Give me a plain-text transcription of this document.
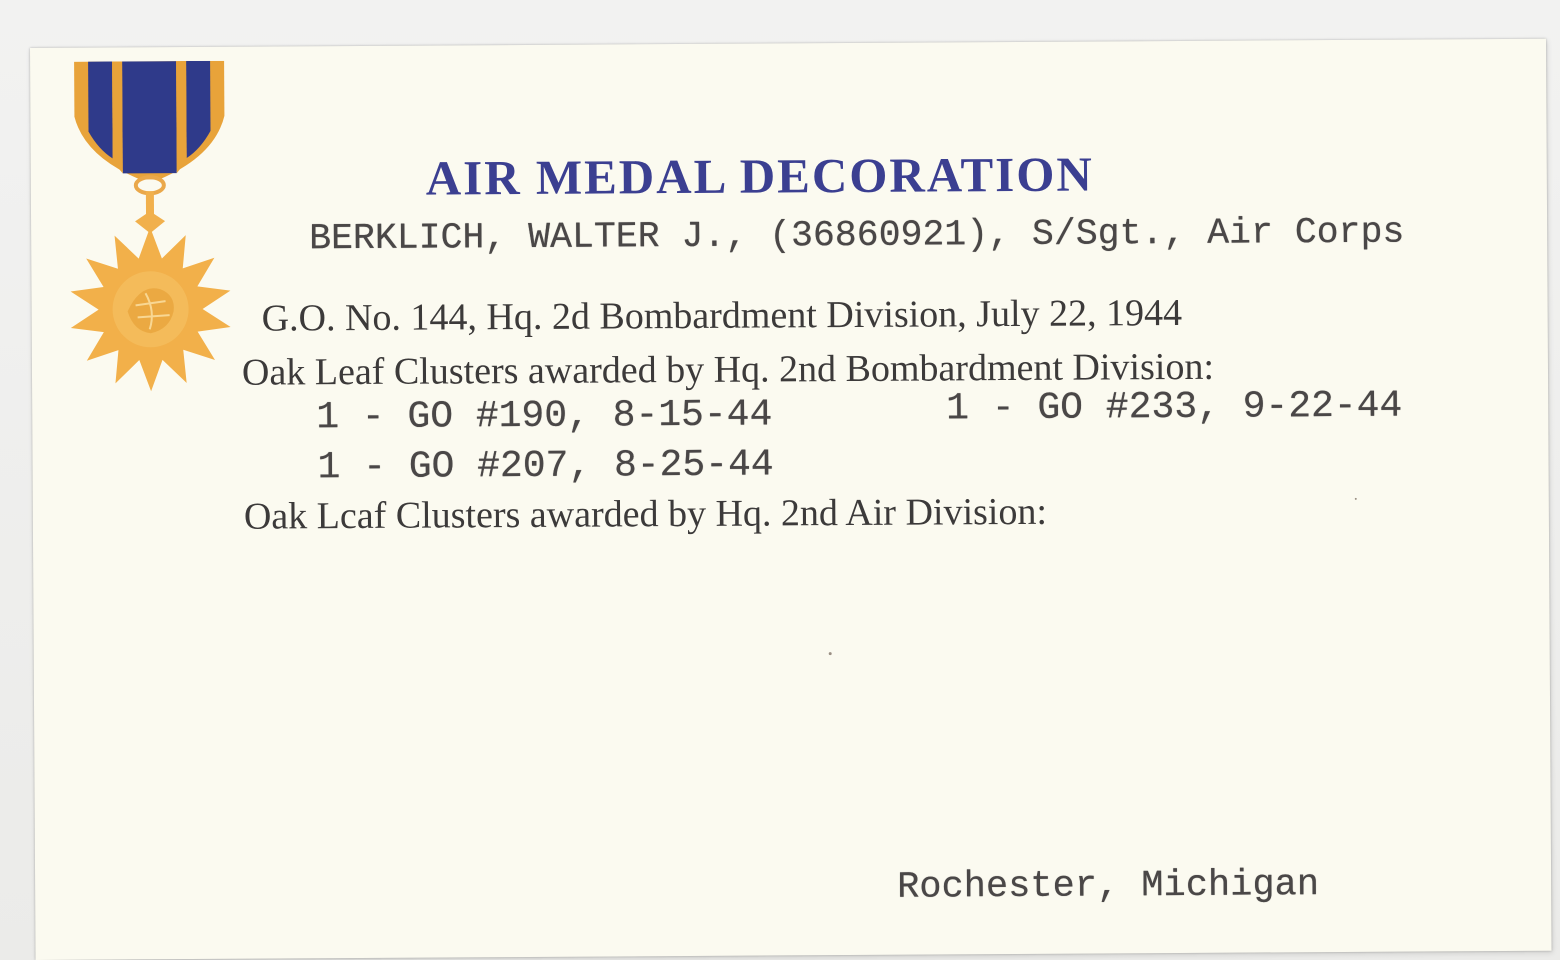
AIR MEDAL DECORATION
BERKLICH, WALTER J., (36860921), S/Sgt., Air Corps
G.O. No. 144, Hq. 2d Bombardment Division, July 22, 1944
Oak Leaf Clusters awarded by Hq. 2nd Bombardment Division:
1 - GO #190, 8-15-44	1 - GO #233, 9-22-44
1 - GO #207, 8-25-44
Oak Lcaf Clusters awarded by Hq. 2nd Air Division:
Rochester, Michigan
